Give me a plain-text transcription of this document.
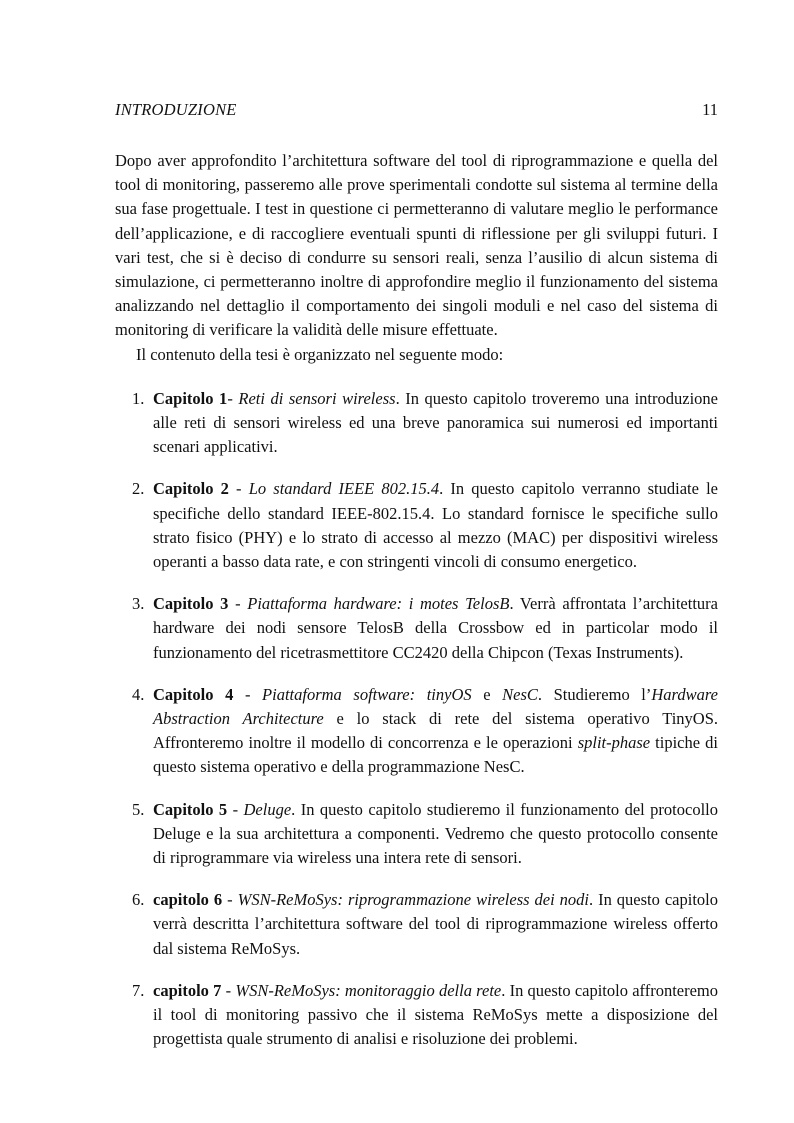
INTRODUZIONE	11

Dopo aver approfondito l’architettura software del tool di riprogrammazione e quella del tool di monitoring, passeremo alle prove sperimentali condotte sul sistema al termine della sua fase progettuale. I test in questione ci permetteranno di valutare meglio le performance dell’applicazione, e di raccogliere eventuali spunti di riflessione per gli sviluppi futuri. I vari test, che si è deciso di condurre su sensori reali, senza l’ausilio di alcun sistema di simulazione, ci permetteranno inoltre di approfondire meglio il funzionamento del sistema analizzando nel dettaglio il comportamento dei singoli moduli e nel caso del sistema di monitoring di verificare la validità delle misure effettuate.

Il contenuto della tesi è organizzato nel seguente modo:

1. Capitolo 1- Reti di sensori wireless. In questo capitolo troveremo una introduzione alle reti di sensori wireless ed una breve panoramica sui numerosi ed importanti scenari applicativi.
2. Capitolo 2 - Lo standard IEEE 802.15.4. In questo capitolo verranno studiate le specifiche dello standard IEEE-802.15.4. Lo standard fornisce le specifiche sullo strato fisico (PHY) e lo strato di accesso al mezzo (MAC) per dispositivi wireless operanti a basso data rate, e con stringenti vincoli di consumo energetico.
3. Capitolo 3 - Piattaforma hardware: i motes TelosB. Verrà affrontata l’architettura hardware dei nodi sensore TelosB della Crossbow ed in particolar modo il funzionamento del ricetrasmettitore CC2420 della Chipcon (Texas Instruments).
4. Capitolo 4 - Piattaforma software: tinyOS e NesC. Studieremo l’Hardware Abstraction Architecture e lo stack di rete del sistema operativo TinyOS. Affronteremo inoltre il modello di concorrenza e le operazioni split-phase tipiche di questo sistema operativo e della programmazione NesC.
5. Capitolo 5 - Deluge. In questo capitolo studieremo il funzionamento del protocollo Deluge e la sua architettura a componenti. Vedremo che questo protocollo consente di riprogrammare via wireless una intera rete di sensori.
6. capitolo 6 - WSN-ReMoSys: riprogrammazione wireless dei nodi. In questo capitolo verrà descritta l’architettura software del tool di riprogrammazione wireless offerto dal sistema ReMoSys.
7. capitolo 7 - WSN-ReMoSys: monitoraggio della rete. In questo capitolo affronteremo il tool di monitoring passivo che il sistema ReMoSys mette a disposizione del progettista quale strumento di analisi e risoluzione dei problemi.
